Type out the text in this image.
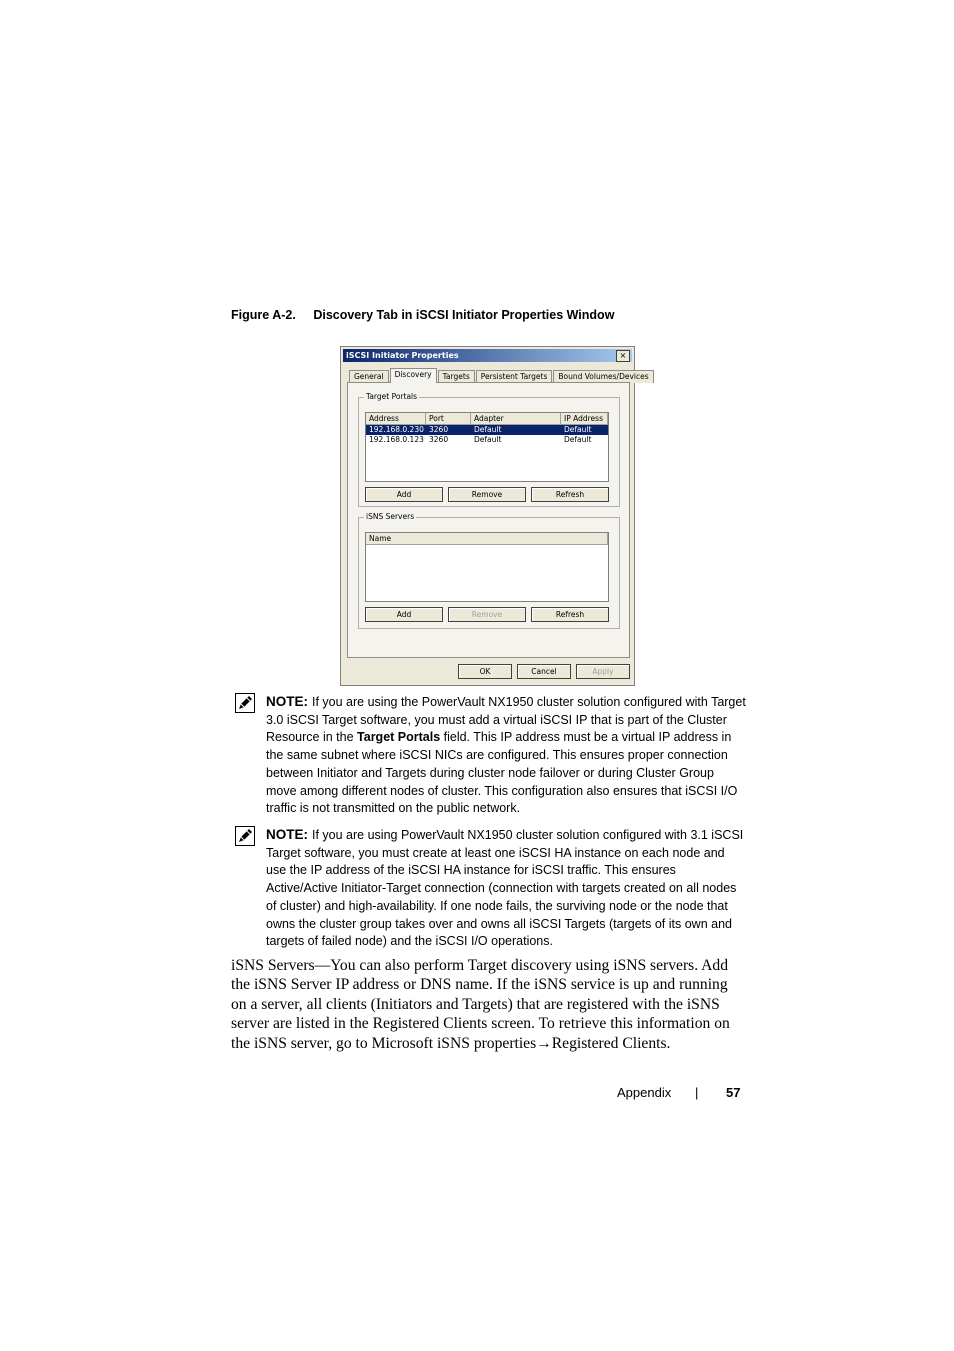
Figure A-2. Discovery Tab in iSCSI Initiator Properties Window
iSCSI Initiator Properties	×
General	Discovery	Targets	Persistent Targets	Bound Volumes/Devices
Target Portals
Address	Port	Adapter	IP Address
192.168.0.230 3260	Default	Default
192.168.0.123 3260	Default	Default
Add	Remove	Refresh
iSNS Servers
Name
Add	Remove	Refresh
OK	Cancel	Apply
NOTE: If you are using the PowerVault NX1950 cluster solution configured with Target 3.0 iSCSI Target software, you must add a virtual iSCSI IP that is part of the Cluster Resource in the Target Portals field. This IP address must be a virtual IP address in the same subnet where iSCSI NICs are configured. This ensures proper connection between Initiator and Targets during cluster node failover or during Cluster Group move among different nodes of cluster. This configuration also ensures that iSCSI I/O traffic is not transmitted on the public network.
NOTE: If you are using PowerVault NX1950 cluster solution configured with 3.1 iSCSI Target software, you must create at least one iSCSI HA instance on each node and use the IP address of the iSCSI HA instance for iSCSI traffic. This ensures Active/Active Initiator-Target connection (connection with targets created on all nodes of cluster) and high-availability. If one node fails, the surviving node or the node that owns the cluster group takes over and owns all iSCSI Targets (targets of its own and targets of failed node) and the iSCSI I/O operations.
iSNS Servers—You can also perform Target discovery using iSNS servers. Add the iSNS Server IP address or DNS name. If the iSNS service is up and running on a server, all clients (Initiators and Targets) that are registered with the iSNS server are listed in the Registered Clients screen. To retrieve this information on the iSNS server, go to Microsoft iSNS properties→Registered Clients.
Appendix | 57
